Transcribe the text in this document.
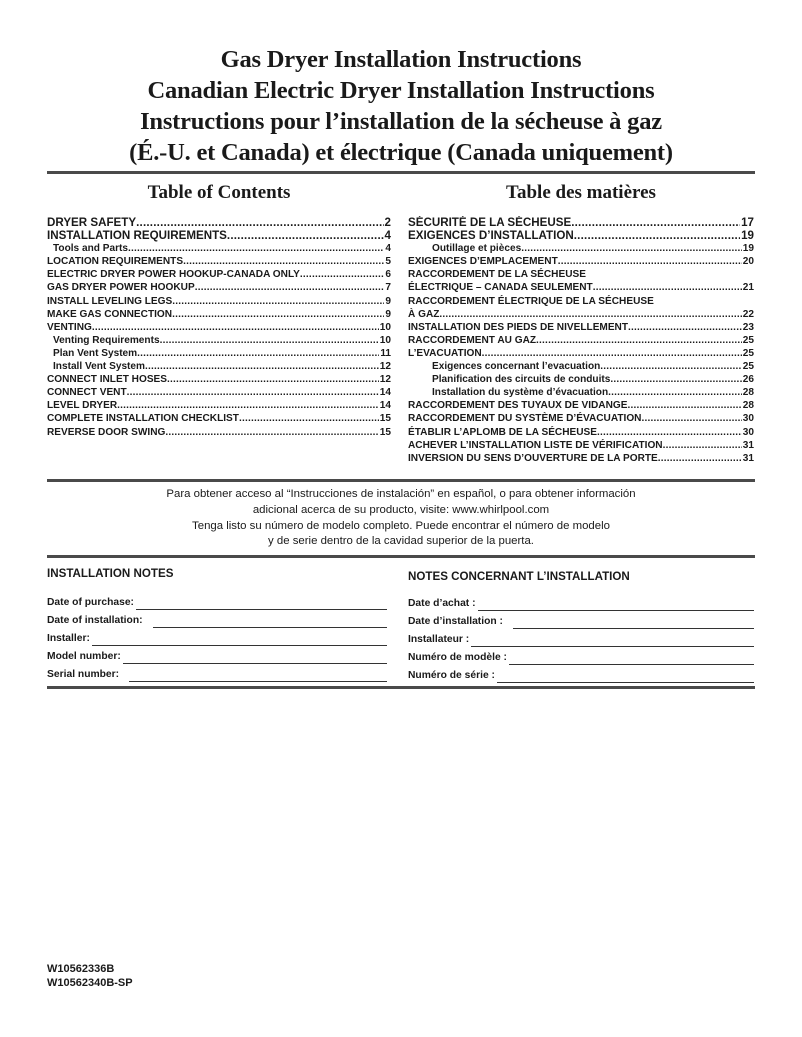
Gas Dryer Installation Instructions
Canadian Electric Dryer Installation Instructions
Instructions pour l’installation de la sécheuse à gaz
(É.-U. et Canada) et électrique (Canada uniquement)
Table of Contents
DRYER SAFETY .....	2
INSTALLATION REQUIREMENTS .....	4
Tools and Parts .....	4
LOCATION REQUIREMENTS .....	5
ELECTRIC DRYER POWER HOOKUP-CANADA ONLY .....	6
GAS DRYER POWER HOOKUP .....	7
INSTALL LEVELING LEGS .....	9
MAKE GAS CONNECTION .....	9
VENTING .....	10
Venting Requirements .....	10
Plan Vent System .....	11
Install Vent System .....	12
CONNECT INLET HOSES .....	12
CONNECT VENT .....	14
LEVEL DRYER .....	14
COMPLETE INSTALLATION CHECKLIST .....	15
REVERSE DOOR SWING .....	15
Table des matières
SÉCURITÉ DE LA SÉCHEUSE .....	17
EXIGENCES D’INSTALLATION .....	19
Outillage et pièces .....	19
EXIGENCES D’EMPLACEMENT .....	20
RACCORDEMENT DE LA SÉCHEUSE
ÉLECTRIQUE – CANADA SEULEMENT .....	21
RACCORDEMENT ÉLECTRIQUE DE LA SÉCHEUSE
À GAZ .....	22
INSTALLATION DES PIEDS DE NIVELLEMENT .....	23
RACCORDEMENT AU GAZ .....	25
L’EVACUATION .....	25
Exigences concernant l’evacuation .....	25
Planification des circuits de conduits .....	26
Installation du système d’évacuation .....	28
RACCORDEMENT DES TUYAUX DE VIDANGE .....	28
RACCORDEMENT DU SYSTÈME D’ÉVACUATION .....	30
ÉTABLIR L’APLOMB DE LA SÉCHEUSE .....	30
ACHEVER L’INSTALLATION LISTE DE VÉRIFICATION .....	31
INVERSION DU SENS D’OUVERTURE DE LA PORTE .....	31
Para obtener acceso al “Instrucciones de instalación” en español, o para obtener información
adicional acerca de su producto, visite: www.whirlpool.com
Tenga listo su número de modelo completo. Puede encontrar el número de modelo
y de serie dentro de la cavidad superior de la puerta.
INSTALLATION NOTES
Date of purchase:
Date of installation:
Installer:
Model number:
Serial number:
NOTES CONCERNANT L’INSTALLATION
Date d’achat :
Date d’installation :
Installateur :
Numéro de modèle :
Numéro de série :
W10562336B
W10562340B-SP
